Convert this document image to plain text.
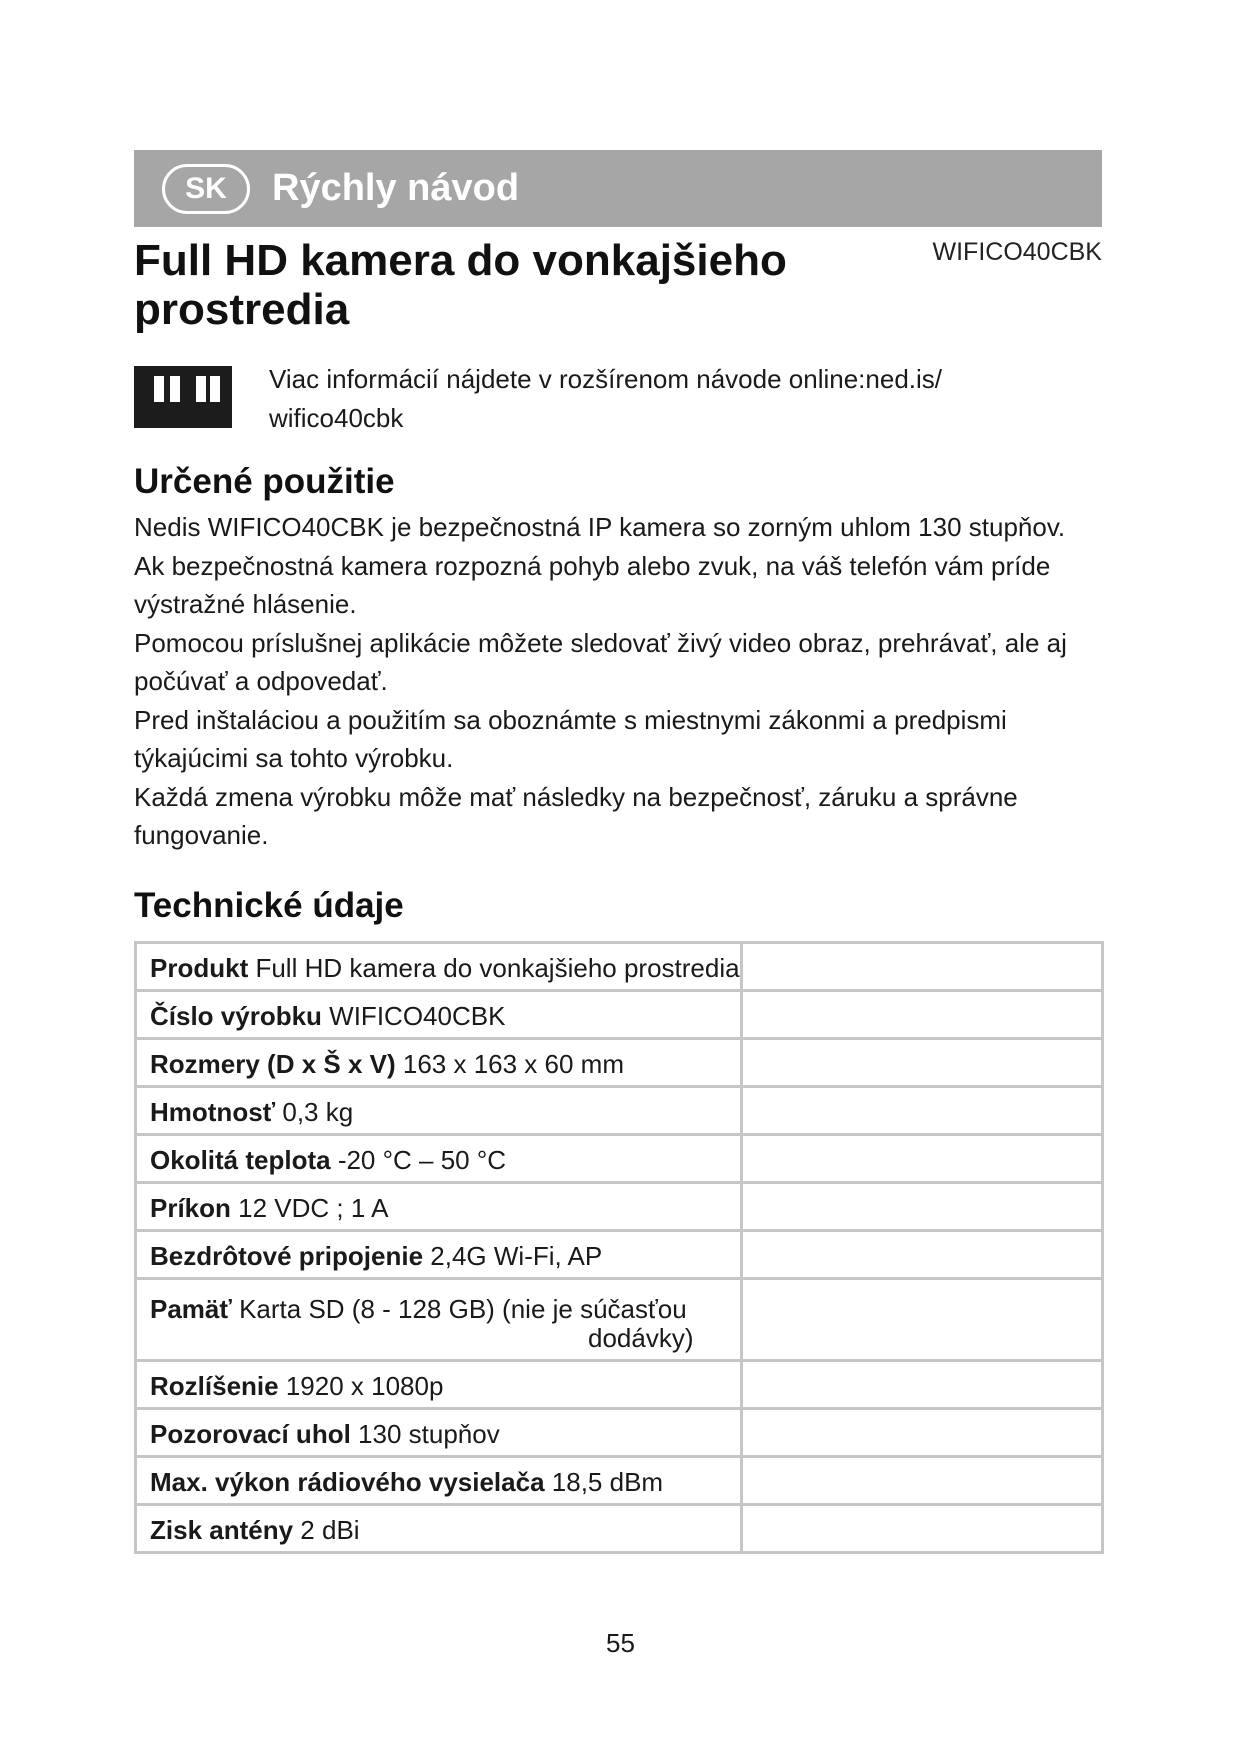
SK	Rýchly návod
Full HD kamera do vonkajšieho prostredia
WIFICO40CBK
Viac informácií nájdete v rozšírenom návode online:ned.is/
wifico40cbk
Určené použitie

Nedis WIFICO40CBK je bezpečnostná IP kamera so zorným uhlom 130 stupňov.

Ak bezpečnostná kamera rozpozná pohyb alebo zvuk, na váš telefón vám príde výstražné hlásenie.

Pomocou príslušnej aplikácie môžete sledovať živý video obraz, prehrávať, ale aj počúvať a odpovedať.

Pred inštaláciou a použitím sa oboznámte s miestnymi zákonmi a predpismi týkajúcimi sa tohto výrobku.

Každá zmena výrobku môže mať následky na bezpečnosť, záruku a správne fungovanie.

Technické údaje
Produkt Full HD kamera do vonkajšieho prostredia	

Číslo výrobku WIFICO40CBK	

Rozmery (D x Š x V) 163 x 163 x 60 mm	

Hmotnosť 0,3 kg	

Okolitá teplota -20 °C – 50 °C	

Príkon 12 VDC ; 1 A	

Bezdrôtové pripojenie 2,4G Wi-Fi, AP	

Pamäť Karta SD (8 - 128 GB) (nie je súčasťou
dodávky)	

Rozlíšenie 1920 x 1080p	

Pozorovací uhol 130 stupňov	

Max. výkon rádiového vysielača 18,5 dBm	

Zisk antény 2 dBi	

55
